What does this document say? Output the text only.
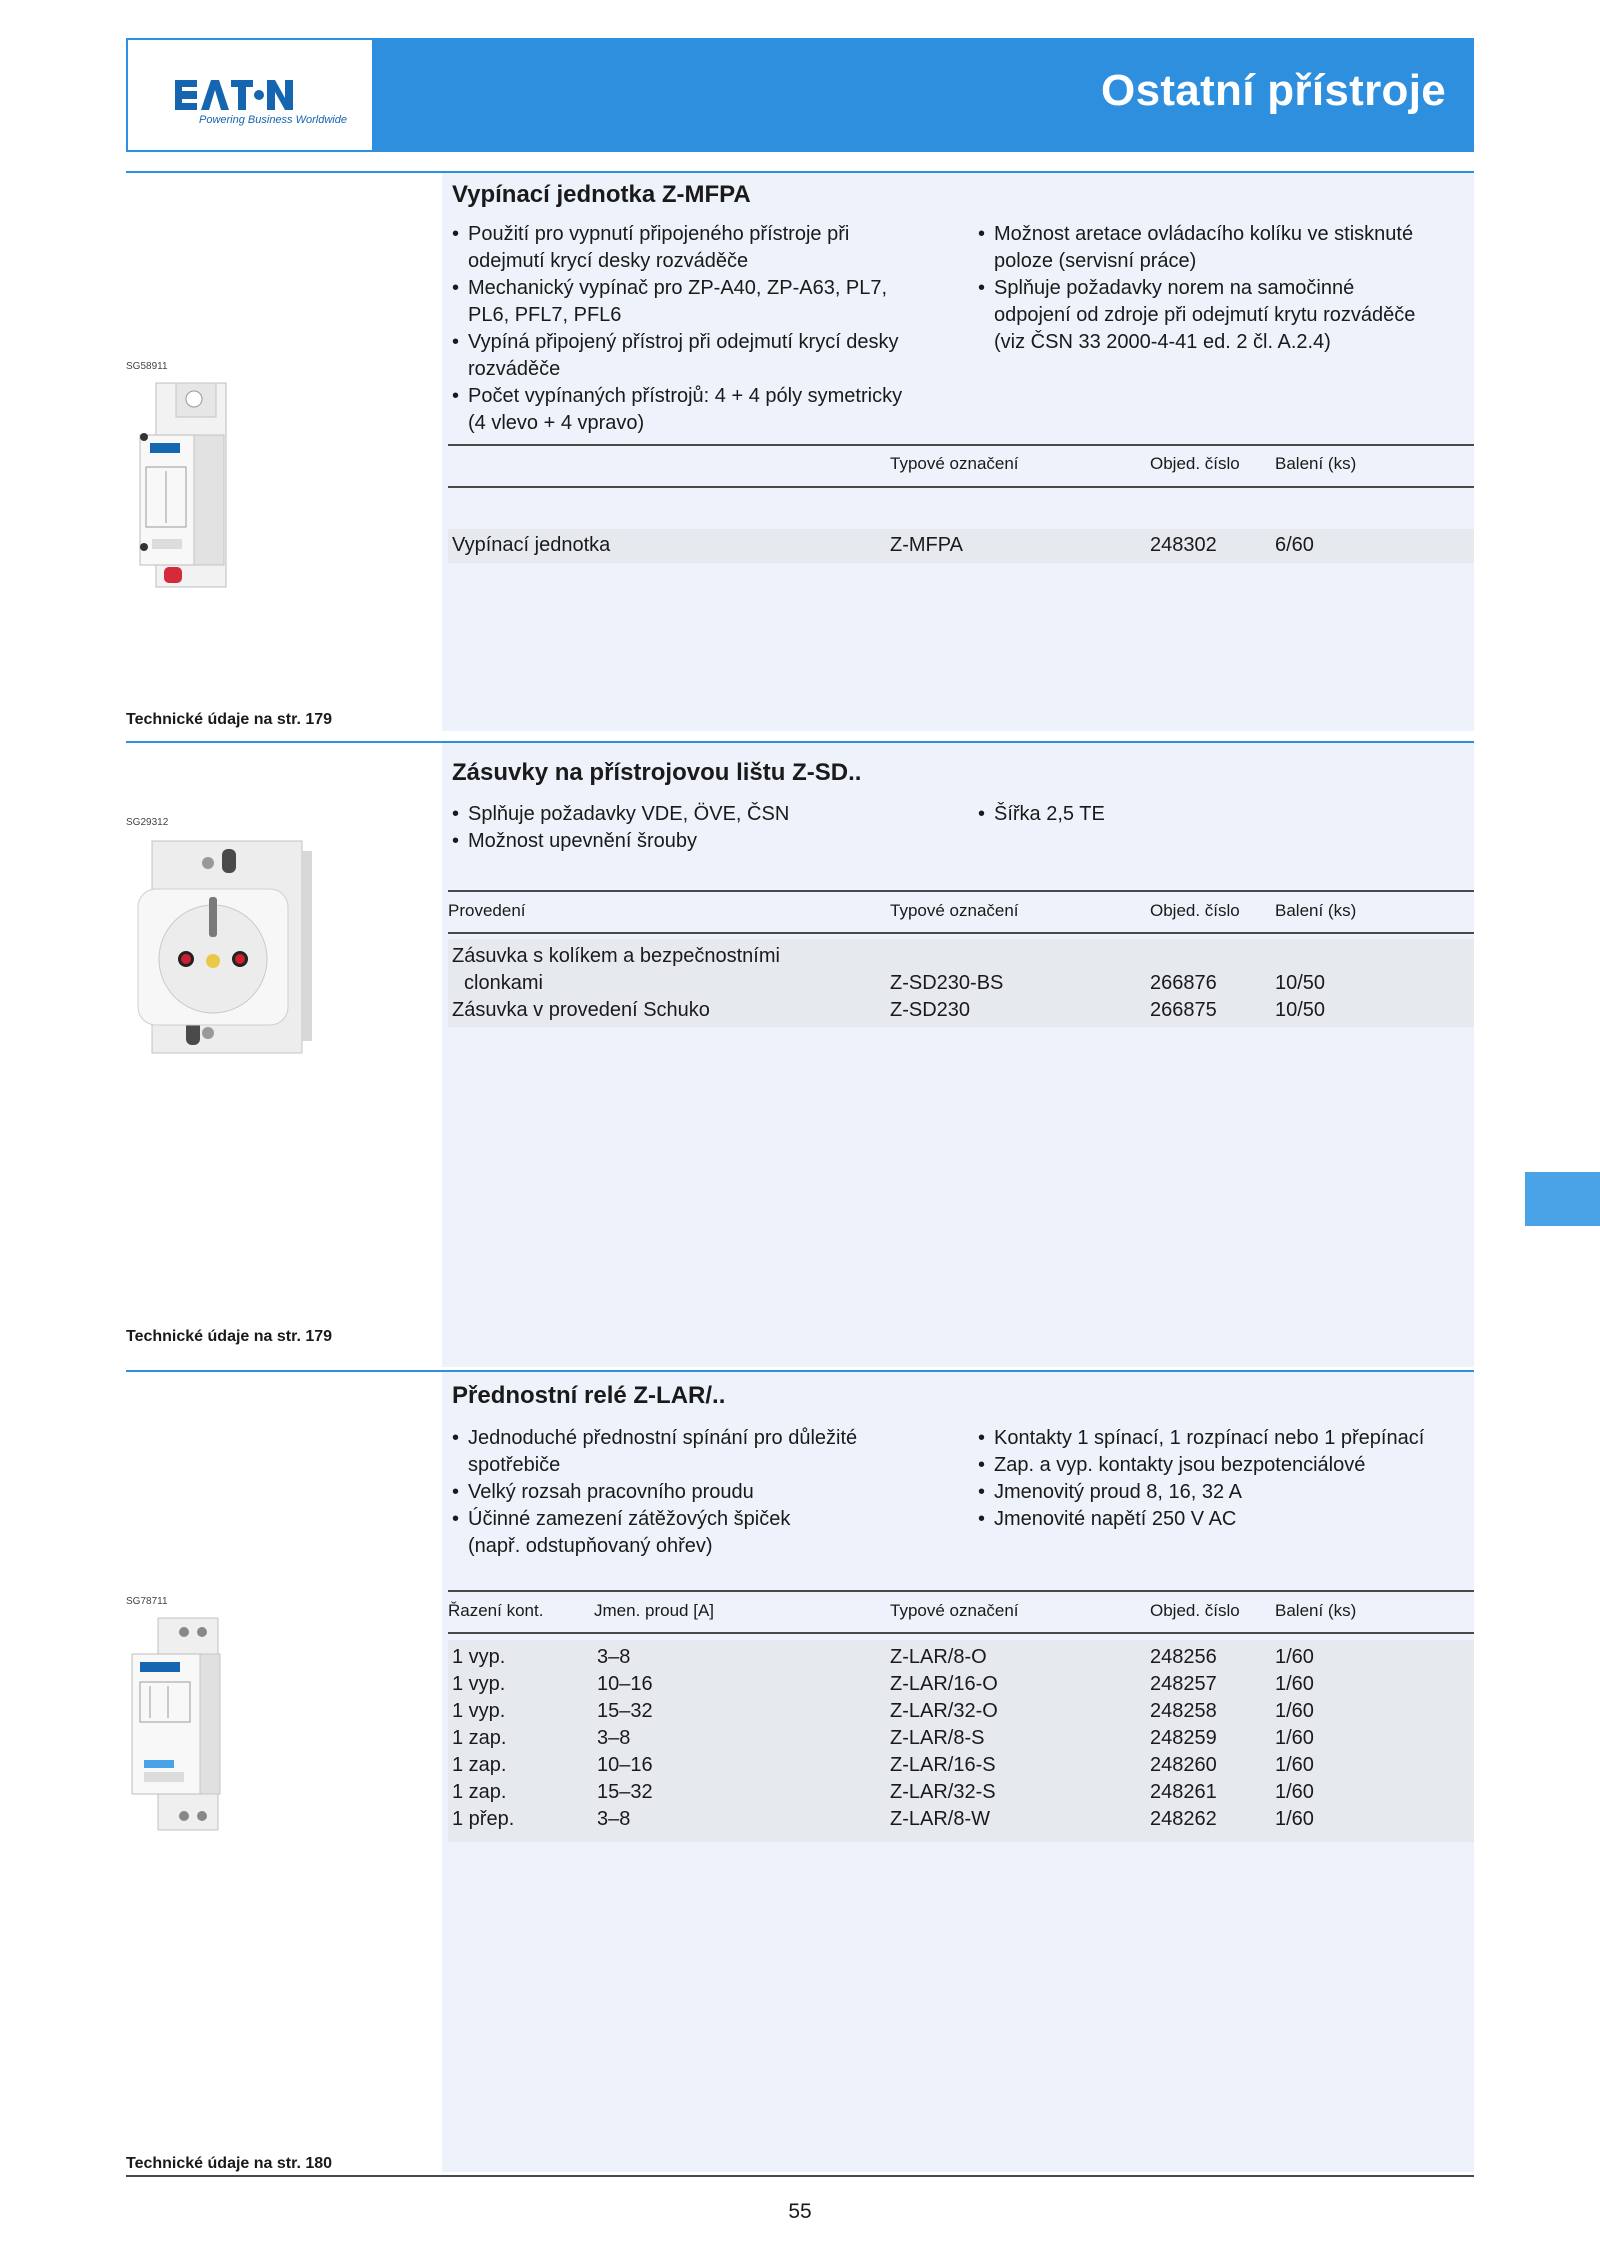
Powering Business Worldwide
Ostatní přístroje
Vypínací jednotka Z-MFPA
• Použití pro vypnutí připojeného přístroje při
odejmutí krycí desky rozváděče
• Mechanický vypínač pro ZP-A40, ZP-A63, PL7,
PL6, PFL7, PFL6
• Vypíná připojený přístroj při odejmutí krycí desky
rozváděče
• Počet vypínaných přístrojů: 4 + 4 póly symetricky
(4 vlevo + 4 vpravo)
• Možnost aretace ovládacího kolíku ve stisknuté
poloze (servisní práce)
• Splňuje požadavky norem na samočinné
odpojení od zdroje při odejmutí krytu rozváděče
(viz ČSN 33 2000-4-41 ed. 2 čl. A.2.4)
Typové označení	Objed. číslo Balení (ks)
Vypínací jednotka	Z-MFPA	248302	6/60
SG58911
Technické údaje na str. 179
Zásuvky na přístrojovou lištu Z-SD..
• Splňuje požadavky VDE, ÖVE, ČSN
• Možnost upevnění šrouby
• Šířka 2,5 TE
Provedení	Typové označení	Objed. číslo Balení (ks)
Zásuvka s kolíkem a bezpečnostními
clonkami	Z-SD230-BS	266876	10/50
Zásuvka v provedení Schuko	Z-SD230	266875	10/50
SG29312
Technické údaje na str. 179
Přednostní relé Z-LAR/..
• Jednoduché přednostní spínání pro důležité
spotřebiče
• Velký rozsah pracovního proudu
• Účinné zamezení zátěžových špiček
(např. odstupňovaný ohřev)
• Kontakty 1 spínací, 1 rozpínací nebo 1 přepínací
• Zap. a vyp. kontakty jsou bezpotenciálové
• Jmenovitý proud 8, 16, 32 A
• Jmenovité napětí 250 V AC
Řazení kont.	Jmen. proud [A]	Typové označení	Objed. číslo Balení (ks)
1 vyp.	3–8	Z-LAR/8-O	248256	1/60
1 vyp.	10–16	Z-LAR/16-O	248257	1/60
1 vyp.	15–32	Z-LAR/32-O	248258	1/60
1 zap.	3–8	Z-LAR/8-S	248259	1/60
1 zap.	10–16	Z-LAR/16-S	248260	1/60
1 zap.	15–32	Z-LAR/32-S	248261	1/60
1 přep.	3–8	Z-LAR/8-W	248262	1/60
SG78711
Technické údaje na str. 180
55
